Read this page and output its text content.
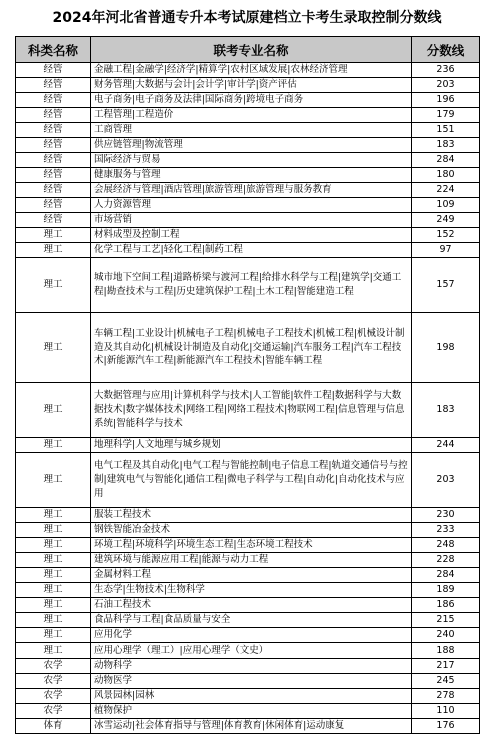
2024年河北省普通专升本考试原建档立卡考生录取控制分数线
科类名称	联考专业名称	分数线
经管	金融工程|金融学|经济学|精算学|农村区域发展|农林经济管理	236
经管	财务管理|大数据与会计|会计学|审计学|资产评估	203
经管	电子商务|电子商务及法律|国际商务|跨境电子商务	196
经管	工程管理|工程造价	179
经管	工商管理	151
经管	供应链管理|物流管理	183
经管	国际经济与贸易	284
经管	健康服务与管理	180
经管	会展经济与管理|酒店管理|旅游管理|旅游管理与服务教育	224
经管	人力资源管理	109
经管	市场营销	249
理工	材料成型及控制工程	152
理工	化学工程与工艺|轻化工程|制药工程	97
理工	城市地下空间工程|道路桥梁与渡河工程|给排水科学与工程|建筑学|交通工程|勘查技术与工程|历史建筑保护工程|土木工程|智能建造工程	157
理工	车辆工程|工业设计|机械电子工程|机械电子工程技术|机械工程|机械设计制造及其自动化|机械设计制造及自动化|交通运输|汽车服务工程|汽车工程技术|新能源汽车工程|新能源汽车工程技术|智能车辆工程	198
理工	大数据管理与应用|计算机科学与技术|人工智能|软件工程|数据科学与大数据技术|数字媒体技术|网络工程|网络工程技术|物联网工程|信息管理与信息系统|智能科学与技术	183
理工	地理科学|人文地理与城乡规划	244
理工	电气工程及其自动化|电气工程与智能控制|电子信息工程|轨道交通信号与控制|建筑电气与智能化|通信工程|微电子科学与工程|自动化|自动化技术与应用	203
理工	服装工程技术	230
理工	钢铁智能冶金技术	233
理工	环境工程|环境科学|环境生态工程|生态环境工程技术	248
理工	建筑环境与能源应用工程|能源与动力工程	228
理工	金属材料工程	284
理工	生态学|生物技术|生物科学	189
理工	石油工程技术	186
理工	食品科学与工程|食品质量与安全	215
理工	应用化学	240
理工	应用心理学（理工）|应用心理学（文史）	188
农学	动物科学	217
农学	动物医学	245
农学	风景园林|园林	278
农学	植物保护	110
体育	冰雪运动|社会体育指导与管理|体育教育|休闲体育|运动康复	176
